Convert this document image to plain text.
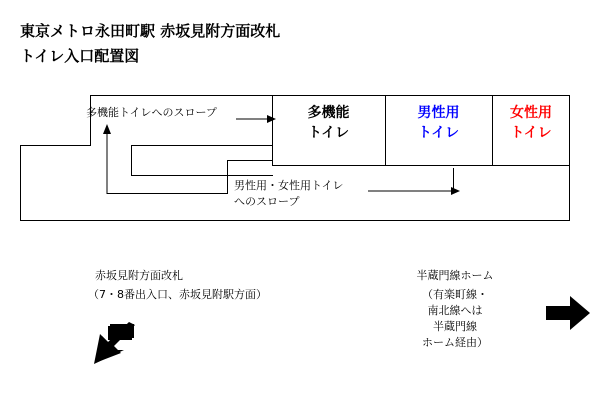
東京メトロ永田町駅 赤坂見附方面改札
トイレ入口配置図
多機能
トイレ
男性用
トイレ
女性用
トイレ
多機能トイレへのスロープ
男性用・女性用トイレ
へのスロープ
赤坂見附方面改札
（7・8番出入口、赤坂見附駅方面）
半蔵門線ホーム
（有楽町線・
南北線へは
半蔵門線
ホーム経由）
